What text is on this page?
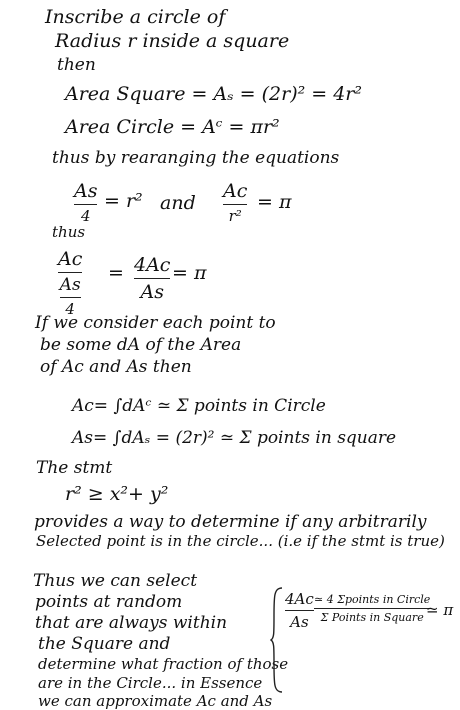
Inscribe a circle of
Radius r inside a square
then
Area Square = Aₛ = (2r)² = 4r²
Area Circle = Aᶜ = πr²
thus by rearanging the equations
As
4
= r² and
Ac
r²
= π
thus
Ac
$\frac{As}{4}$
= 4Ac
As
= π
If we consider each point to
be some dA of the Area
of Ac and As then
Ac= ∫dAᶜ ≃ Σ points in Circle
As= ∫dAₛ = (2r)² ≃ Σ points in square
The stmt
r² ≥ x²+ y²
provides a way to determine if any arbitrarily
Selected point is in the circle... (i.e if the stmt is true)
Thus we can select
points at random
that are always within
the Square and
determine what fraction of those
are in the Circle... in Essence
we can approximate Ac and As
4Ac
As
≃ 4 Σpoints in Circle
Σ Points in Square ≃ π
